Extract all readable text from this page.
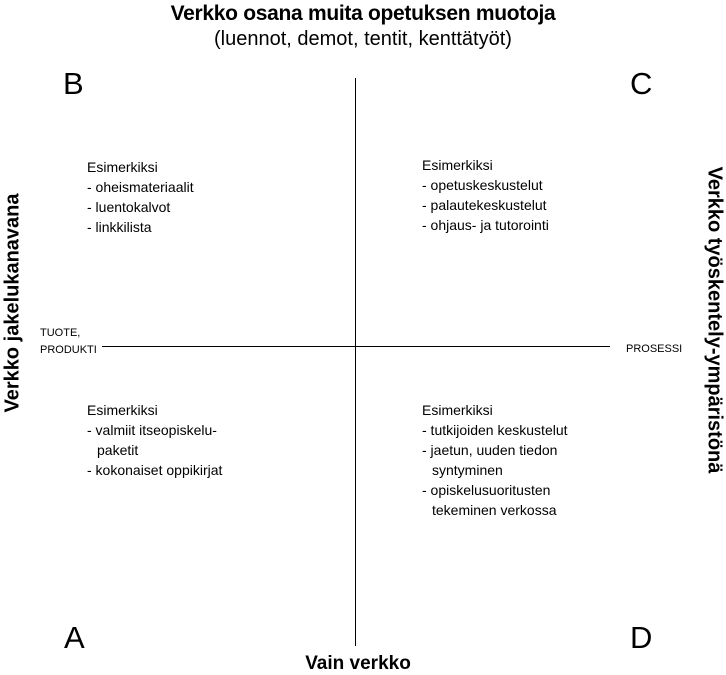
Verkko osana muita opetuksen muotoja
(luennot, demot, tentit, kenttätyöt)
Verkko jakelukanavana	Verkko työskentely-ympäristönä
TUOTE,
PRODUKTI	PROSESSI
B	C
A	D
Esimerkiksi
- oheismateriaalit
- luentokalvot
- linkkilista
Esimerkiksi
- opetuskeskustelut
- palautekeskustelut
- ohjaus- ja tutorointi
Esimerkiksi
- valmiit itseopiskelu-
paketit
- kokonaiset oppikirjat
Esimerkiksi
- tutkijoiden keskustelut
- jaetun, uuden tiedon
syntyminen
- opiskelusuoritusten
tekeminen verkossa
Vain verkko
